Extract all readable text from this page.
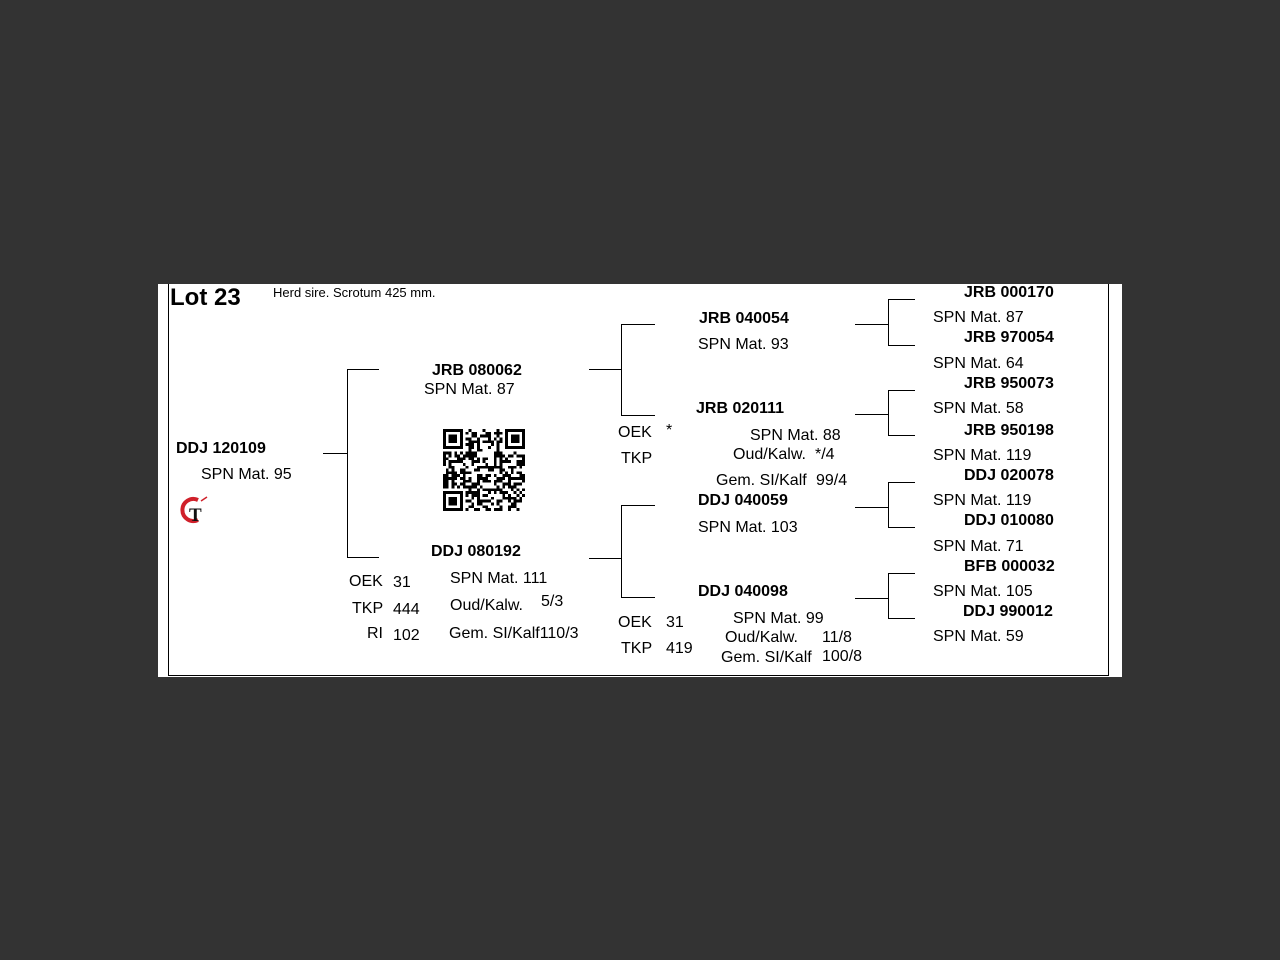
Lot 23 Herd sire. Scrotum 425 mm.
DDJ 120109
SPN Mat. 95
T
JRB 080062
SPN Mat. 87
DDJ 080192
SPN Mat. 111
OEK 31
TKP 444
RI 102
Oud/Kalw. 5/3
Gem. SI/Kalf110/3
JRB 040054
SPN Mat. 93
JRB 020111
SPN Mat. 88
OEK *
TKP	Oud/Kalw. */4
Gem. SI/Kalf 99/4
DDJ 040059
SPN Mat. 103
DDJ 040098
SPN Mat. 99
OEK 31
TKP 419
Oud/Kalw. 11/8
Gem. SI/Kalf 100/8
JRB 000170
SPN Mat. 87
JRB 970054
SPN Mat. 64
JRB 950073
SPN Mat. 58
JRB 950198
SPN Mat. 119
DDJ 020078
SPN Mat. 119
DDJ 010080
SPN Mat. 71
BFB 000032
SPN Mat. 105
DDJ 990012
SPN Mat. 59
